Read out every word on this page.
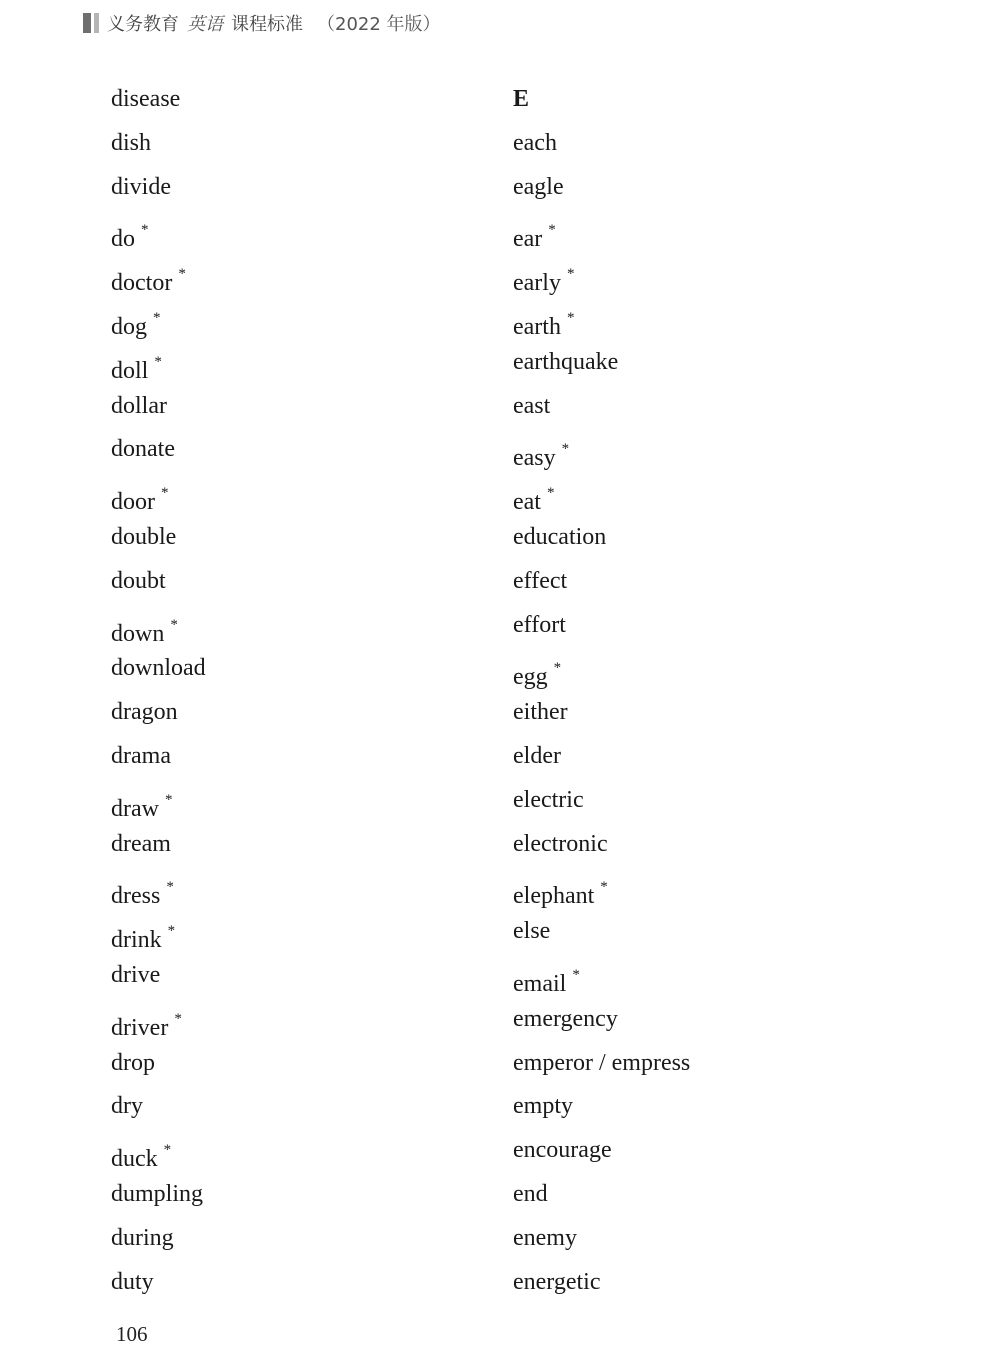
义务教育 英语 课程标准 （2022 年版）
disease
dish
divide
do *
doctor *
dog *
doll *
dollar
donate
door *
double
doubt
down *
download
dragon
drama
draw *
dream
dress *
drink *
drive
driver *
drop
dry
duck *
dumpling
during
duty
E
each
eagle
ear *
early *
earth *
earthquake
east
easy *
eat *
education
effect
effort
egg *
either
elder
electric
electronic
elephant *
else
email *
emergency
emperor / empress
empty
encourage
end
enemy
energetic
106
